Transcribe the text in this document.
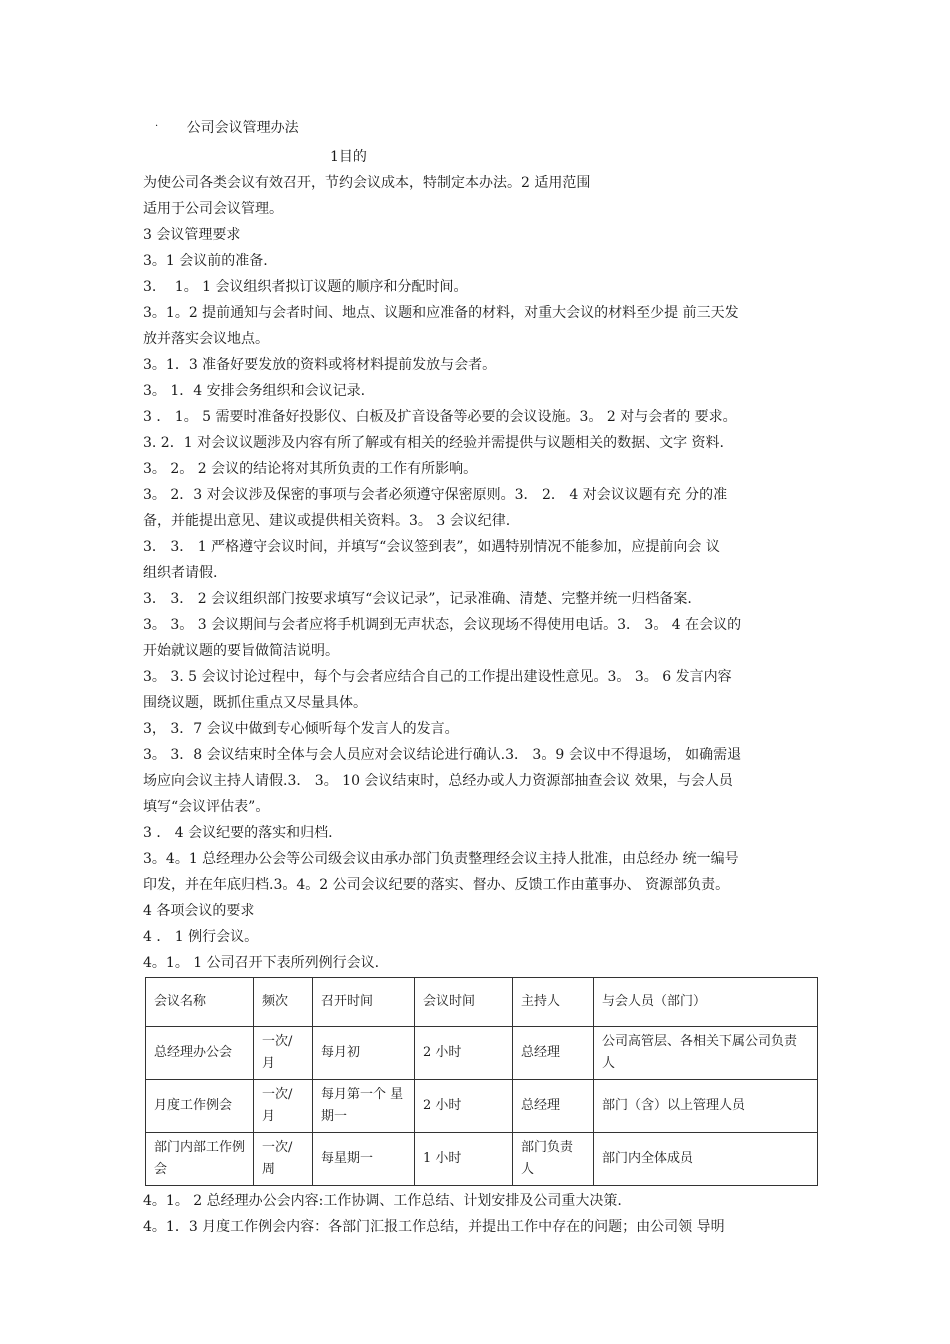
· 公司会议管理办法
1目的
为使公司各类会议有效召开，节约会议成本，特制定本办法。2 适用范围
适用于公司会议管理。
3 会议管理要求
3。1 会议前的准备.
3.　 1。 1 会议组织者拟订议题的顺序和分配时间。
3。1。2 提前通知与会者时间、地点、议题和应准备的材料，对重大会议的材料至少提 前三天发
放并落实会议地点。
3。1．3 准备好要发放的资料或将材料提前发放与会者。
3。 1．4 安排会务组织和会议记录.
3 ． 1。 5 需要时准备好投影仪、白板及扩音设备等必要的会议设施。3。 2 对与会者的 要求。
3. 2．1 对会议议题涉及内容有所了解或有相关的经验并需提供与议题相关的数据、文字 资料.
3。 2。 2 会议的结论将对其所负责的工作有所影响。
3。 2．3 对会议涉及保密的事项与会者必须遵守保密原则。3． 2． 4 对会议议题有充 分的准
备，并能提出意见、建议或提供相关资料。3。 3 会议纪律.
3． 3． 1 严格遵守会议时间，并填写“会议签到表”，如遇特别情况不能参加，应提前向会 议
组织者请假.
3． 3． 2 会议组织部门按要求填写“会议记录”，记录准确、清楚、完整并统一归档备案.
3。 3。 3 会议期间与会者应将手机调到无声状态，会议现场不得使用电话。3． 3。 4 在会议的
开始就议题的要旨做简洁说明。
3。 3. 5 会议讨论过程中，每个与会者应结合自己的工作提出建设性意见。3。 3。 6 发言内容
围绕议题，既抓住重点又尽量具体。
3， 3．7 会议中做到专心倾听每个发言人的发言。
3。 3．8 会议结束时全体与会人员应对会议结论进行确认.3． 3。9 会议中不得退场， 如确需退
场应向会议主持人请假.3． 3。 10 会议结束时，总经办或人力资源部抽查会议 效果，与会人员
填写“会议评估表”。
3 ． 4 会议纪要的落实和归档.
3。4。1 总经理办公会等公司级会议由承办部门负责整理经会议主持人批准，由总经办 统一编号
印发，并在年底归档.3。4。2 公司会议纪要的落实、督办、反馈工作由董事办、 资源部负责。
4 各项会议的要求
4 ． 1 例行会议。
4。1。 1 公司召开下表所列例行会议.
会议名称	频次	召开时间	会议时间	主持人	与会人员（部门）
总经理办公会	一次/月	每月初	2 小时	总经理	公司高管层、各相关下属公司负责人
月度工作例会	一次/月	每月第一个 星期一	2 小时	总经理	部门（含）以上管理人员
部门内部工作例会	一次/周	每星期一	1 小时	部门负责人	部门内全体成员
4。1。 2 总经理办公会内容:工作协调、工作总结、计划安排及公司重大决策.
4。1．3 月度工作例会内容：各部门汇报工作总结，并提出工作中存在的问题；由公司领 导明
